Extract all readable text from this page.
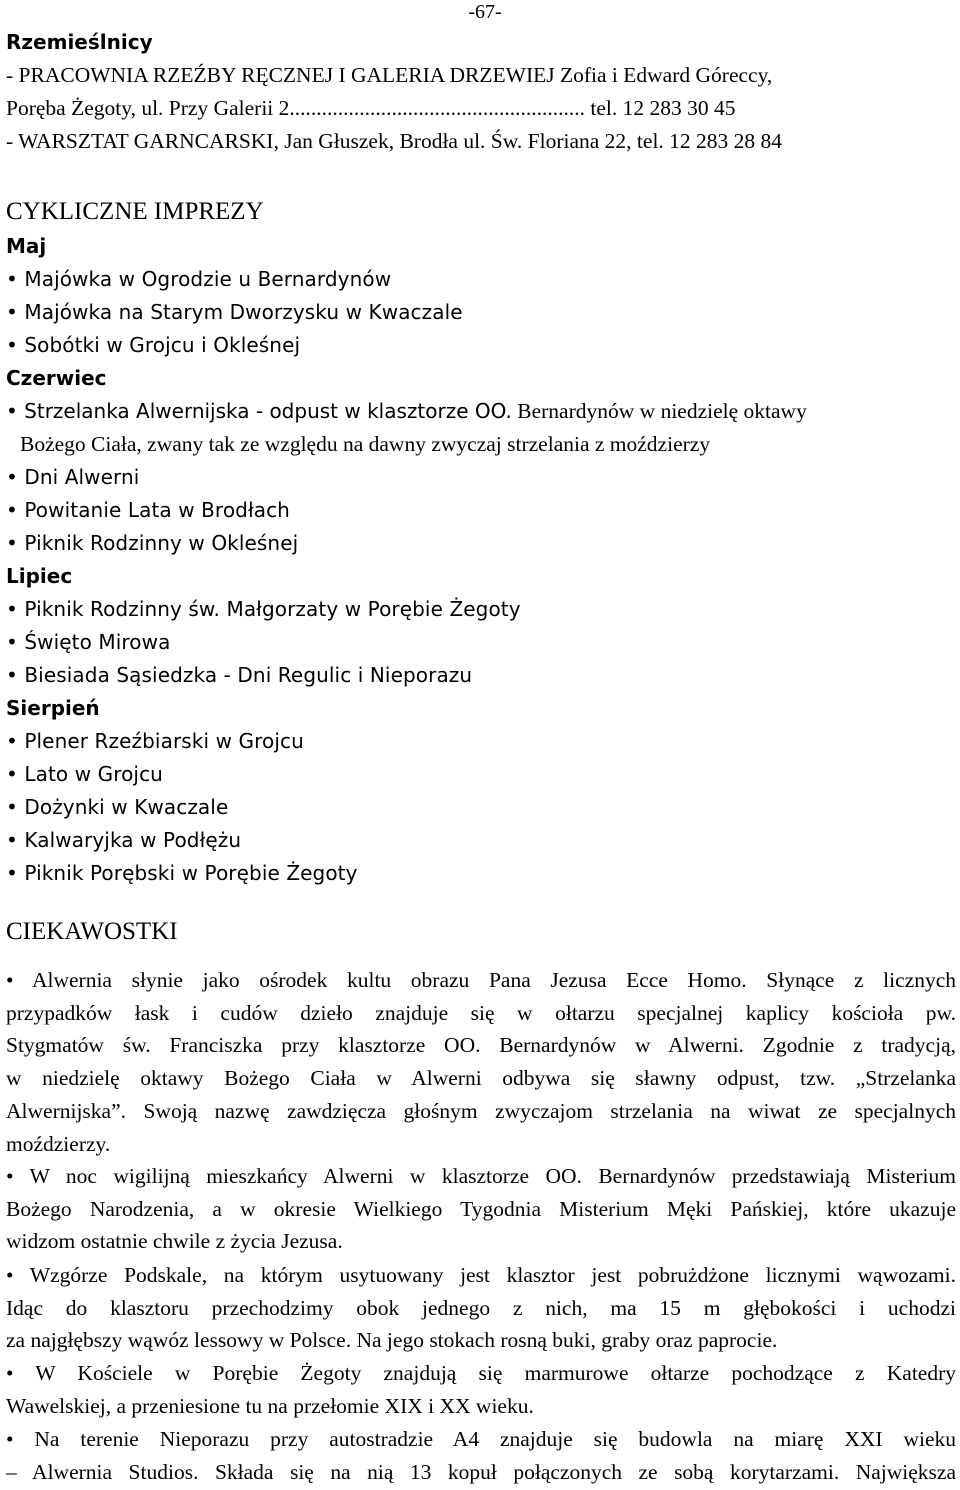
-67-
Rzemieślnicy
- PRACOWNIA RZEŹBY RĘCZNEJ I GALERIA DRZEWIEJ Zofia i Edward Góreccy,
Poręba Żegoty, ul. Przy Galerii 2....................................................... tel. 12 283 30 45
- WARSZTAT GARNCARSKI, Jan Głuszek, Brodła ul. Św. Floriana 22, tel. 12 283 28 84
CYKLICZNE IMPREZY
Maj
• Majówka w Ogrodzie u Bernardynów
• Majówka na Starym Dworzysku w Kwaczale
• Sobótki w Grojcu i Okleśnej
Czerwiec
• Strzelanka Alwernijska - odpust w klasztorze OO. Bernardynów w niedzielę oktawy
Bożego Ciała, zwany tak ze względu na dawny zwyczaj strzelania z moździerzy
• Dni Alwerni
• Powitanie Lata w Brodłach
• Piknik Rodzinny w Okleśnej
Lipiec
• Piknik Rodzinny św. Małgorzaty w Porębie Żegoty
• Święto Mirowa
• Biesiada Sąsiedzka - Dni Regulic i Nieporazu
Sierpień
• Plener Rzeźbiarski w Grojcu
• Lato w Grojcu
• Dożynki w Kwaczale
• Kalwaryjka w Podłężu
• Piknik Porębski w Porębie Żegoty
CIEKAWOSTKI
• Alwernia słynie jako ośrodek kultu obrazu Pana Jezusa Ecce Homo. Słynące z licznych
przypadków łask i cudów dzieło znajduje się w ołtarzu specjalnej kaplicy kościoła pw.
Stygmatów św. Franciszka przy klasztorze OO. Bernardynów w Alwerni. Zgodnie z tradycją,
w niedzielę oktawy Bożego Ciała w Alwerni odbywa się sławny odpust, tzw. „Strzelanka
Alwernijska”. Swoją nazwę zawdzięcza głośnym zwyczajom strzelania na wiwat ze specjalnych
moździerzy.
• W noc wigilijną mieszkańcy Alwerni w klasztorze OO. Bernardynów przedstawiają Misterium
Bożego Narodzenia, a w okresie Wielkiego Tygodnia Misterium Męki Pańskiej, które ukazuje
widzom ostatnie chwile z życia Jezusa.
• Wzgórze Podskale, na którym usytuowany jest klasztor jest pobrużdżone licznymi wąwozami.
Idąc do klasztoru przechodzimy obok jednego z nich, ma 15 m głębokości i uchodzi
za najgłębszy wąwóz lessowy w Polsce. Na jego stokach rosną buki, graby oraz paprocie.
• W Kościele w Porębie Żegoty znajdują się marmurowe ołtarze pochodzące z Katedry
Wawelskiej, a przeniesione tu na przełomie XIX i XX wieku.
• Na terenie Nieporazu przy autostradzie A4 znajduje się budowla na miarę XXI wieku
– Alwernia Studios. Składa się na nią 13 kopuł połączonych ze sobą korytarzami. Największa
